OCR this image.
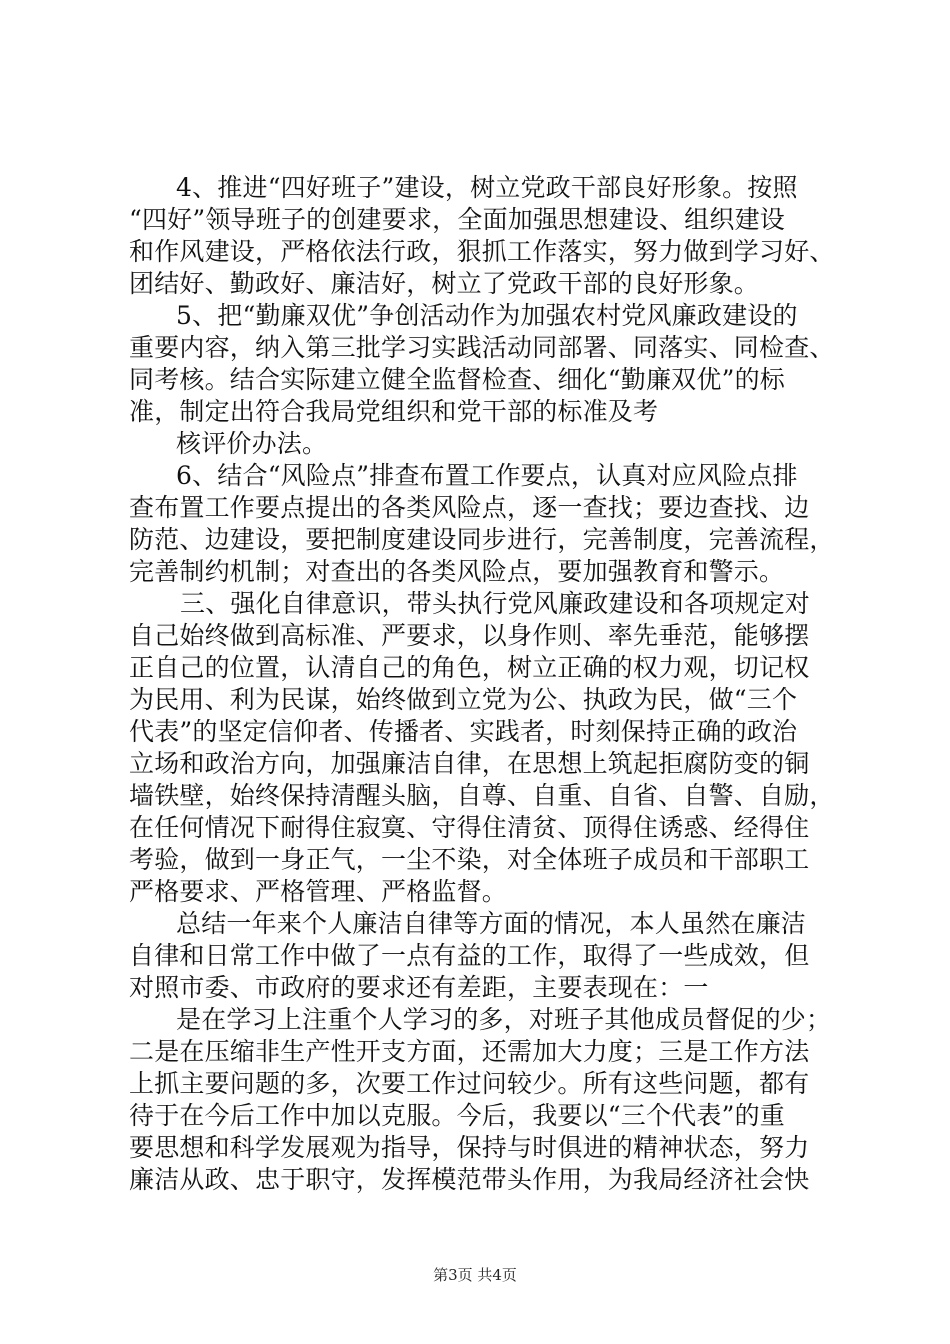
4、推进“四好班子”建设，树立党政干部良好形象。按照
“四好”领导班子的创建要求，全面加强思想建设、组织建设
和作风建设，严格依法行政，狠抓工作落实，努力做到学习好、
团结好、勤政好、廉洁好，树立了党政干部的良好形象。
5、把“勤廉双优”争创活动作为加强农村党风廉政建设的
重要内容，纳入第三批学习实践活动同部署、同落实、同检查、
同考核。结合实际建立健全监督检查、细化“勤廉双优”的标
准，制定出符合我局党组织和党干部的标准及考
核评价办法。
6、结合“风险点”排查布置工作要点，认真对应风险点排
查布置工作要点提出的各类风险点，逐一查找；要边查找、边
防范、边建设，要把制度建设同步进行，完善制度，完善流程，
完善制约机制；对查出的各类风险点，要加强教育和警示。
三、强化自律意识，带头执行党风廉政建设和各项规定对
自己始终做到高标准、严要求，以身作则、率先垂范，能够摆
正自己的位置，认清自己的角色，树立正确的权力观，切记权
为民用、利为民谋，始终做到立党为公、执政为民，做“三个
代表”的坚定信仰者、传播者、实践者，时刻保持正确的政治
立场和政治方向，加强廉洁自律，在思想上筑起拒腐防变的铜
墙铁壁，始终保持清醒头脑，自尊、自重、自省、自警、自励，
在任何情况下耐得住寂寞、守得住清贫、顶得住诱惑、经得住
考验，做到一身正气，一尘不染，对全体班子成员和干部职工
严格要求、严格管理、严格监督。
总结一年来个人廉洁自律等方面的情况，本人虽然在廉洁
自律和日常工作中做了一点有益的工作，取得了一些成效，但
对照市委、市政府的要求还有差距，主要表现在：一
是在学习上注重个人学习的多，对班子其他成员督促的少；
二是在压缩非生产性开支方面，还需加大力度；三是工作方法
上抓主要问题的多，次要工作过问较少。所有这些问题，都有
待于在今后工作中加以克服。今后，我要以“三个代表”的重
要思想和科学发展观为指导，保持与时俱进的精神状态，努力
廉洁从政、忠于职守，发挥模范带头作用，为我局经济社会快
第3页 共4页
